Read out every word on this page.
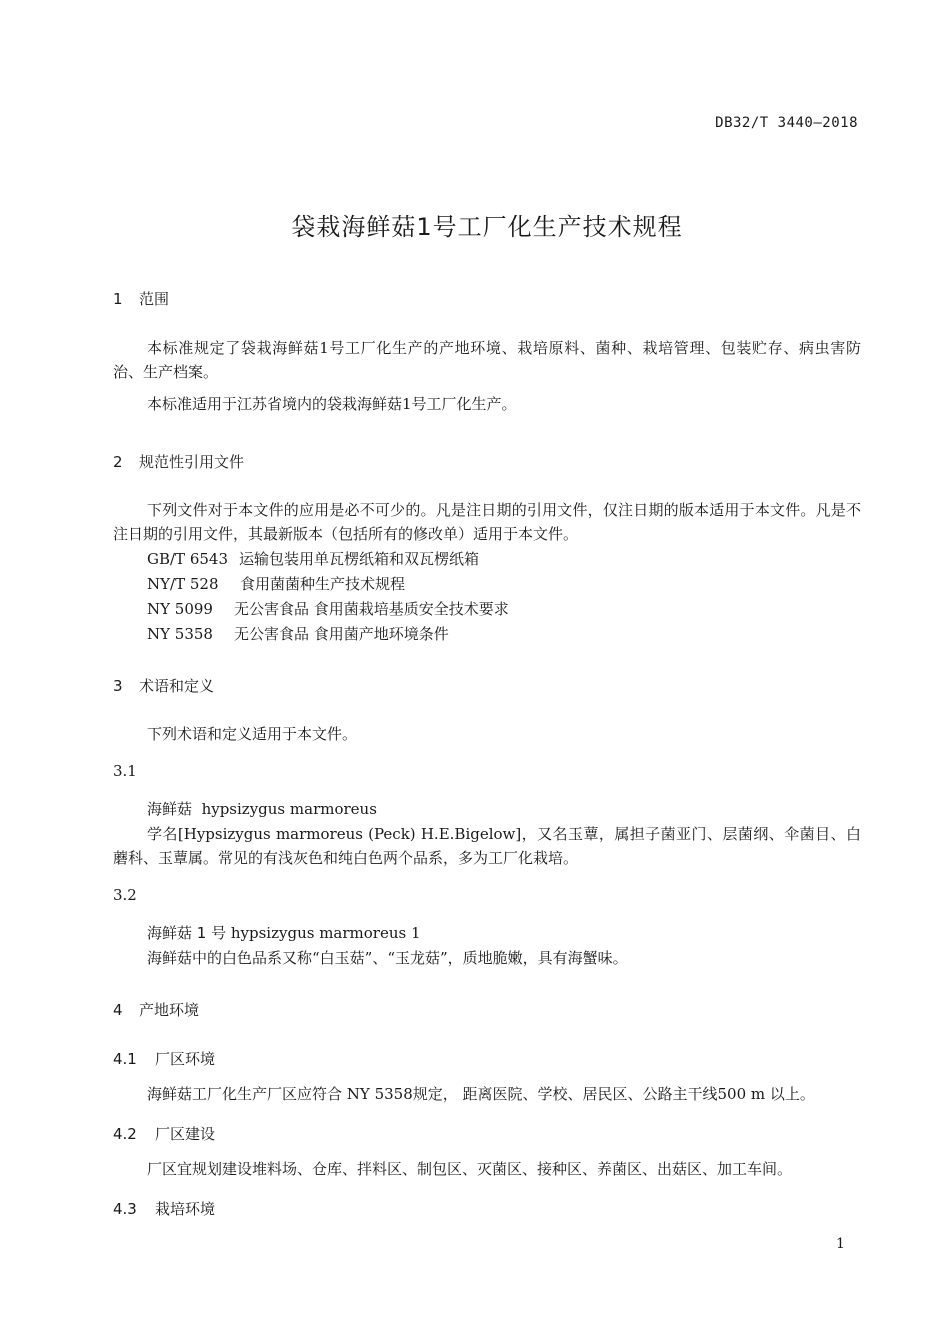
DB32/T 3440—2018
袋栽海鲜菇1号工厂化生产技术规程
1 范围
本标准规定了袋栽海鲜菇1号工厂化生产的产地环境、栽培原料、菌种、栽培管理、包装贮存、病虫害防治、生产档案。
本标准适用于江苏省境内的袋栽海鲜菇1号工厂化生产。
2 规范性引用文件
下列文件对于本文件的应用是必不可少的。凡是注日期的引用文件，仅注日期的版本适用于本文件。凡是不注日期的引用文件，其最新版本（包括所有的修改单）适用于本文件。
GB/T 6543 运输包装用单瓦楞纸箱和双瓦楞纸箱
NY/T 528 食用菌菌种生产技术规程
NY 5099 无公害食品 食用菌栽培基质安全技术要求
NY 5358 无公害食品 食用菌产地环境条件
3 术语和定义
下列术语和定义适用于本文件。
3.1
海鲜菇 hypsizygus marmoreus
学名[Hypsizygus marmoreus (Peck) H.E.Bigelow]，又名玉蕈，属担子菌亚门、层菌纲、伞菌目、白蘑科、玉蕈属。常见的有浅灰色和纯白色两个品系，多为工厂化栽培。
3.2
海鲜菇 1 号 hypsizygus marmoreus 1
海鲜菇中的白色品系又称“白玉菇”、“玉龙菇”，质地脆嫩，具有海蟹味。
4 产地环境
4.1 厂区环境
海鲜菇工厂化生产厂区应符合 NY 5358规定， 距离医院、学校、居民区、公路主干线500 m 以上。
4.2 厂区建设
厂区宜规划建设堆料场、仓库、拌料区、制包区、灭菌区、接种区、养菌区、出菇区、加工车间。
4.3 栽培环境
1
